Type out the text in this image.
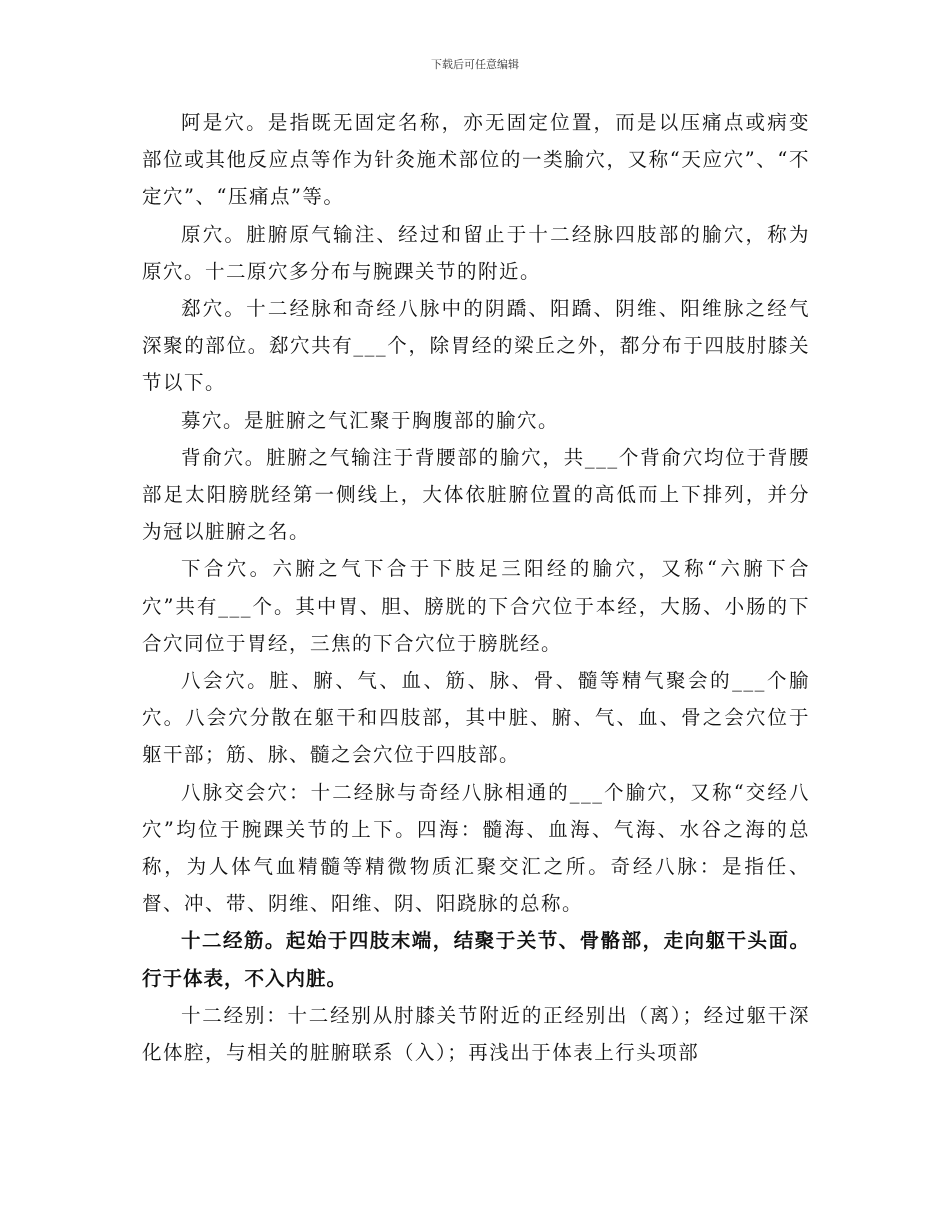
下载后可任意编辑

阿是穴。是指既无固定名称，亦无固定位置，而是以压痛点或病变部位或其他反应点等作为针灸施术部位的一类腧穴，又称“天应穴”、“不定穴”、“压痛点”等。

原穴。脏腑原气输注、经过和留止于十二经脉四肢部的腧穴，称为原穴。十二原穴多分布与腕踝关节的附近。

郄穴。十二经脉和奇经八脉中的阴蹻、阳蹻、阴维、阳维脉之经气深聚的部位。郄穴共有___个，除胃经的梁丘之外，都分布于四肢肘膝关节以下。

募穴。是脏腑之气汇聚于胸腹部的腧穴。

背俞穴。脏腑之气输注于背腰部的腧穴，共___个背俞穴均位于背腰部足太阳膀胱经第一侧线上，大体依脏腑位置的高低而上下排列，并分为冠以脏腑之名。

下合穴。六腑之气下合于下肢足三阳经的腧穴，又称“六腑下合穴”共有___个。其中胃、胆、膀胱的下合穴位于本经，大肠、小肠的下合穴同位于胃经，三焦的下合穴位于膀胱经。

八会穴。脏、腑、气、血、筋、脉、骨、髓等精气聚会的___个腧穴。八会穴分散在躯干和四肢部，其中脏、腑、气、血、骨之会穴位于躯干部；筋、脉、髓之会穴位于四肢部。

八脉交会穴：十二经脉与奇经八脉相通的___个腧穴，又称“交经八穴”均位于腕踝关节的上下。四海：髓海、血海、气海、水谷之海的总称，为人体气血精髓等精微物质汇聚交汇之所。奇经八脉：是指任、督、冲、带、阴维、阳维、阴、阳跷脉的总称。

十二经筋。起始于四肢末端，结聚于关节、骨骼部，走向躯干头面。行于体表，不入内脏。

十二经别：十二经别从肘膝关节附近的正经别出（离）；经过躯干深化体腔，与相关的脏腑联系（入）；再浅出于体表上行头项部
